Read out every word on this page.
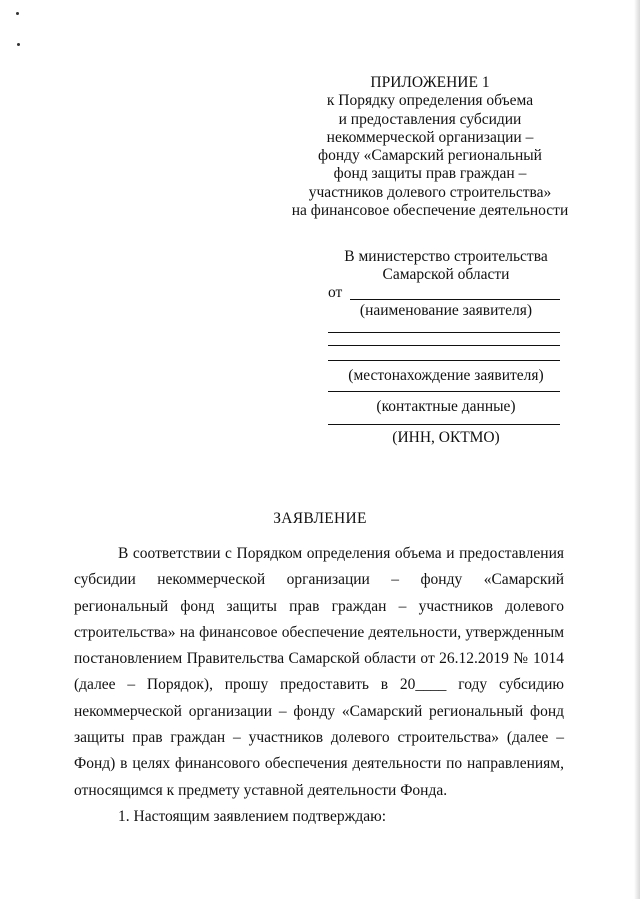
ПРИЛОЖЕНИЕ 1
к Порядку определения объема
и предоставления субсидии
некоммерческой организации –
фонду «Самарский региональный
фонд защиты прав граждан –
участников долевого строительства»
на финансовое обеспечение деятельности
В министерство строительства
Самарской области
от
(наименование заявителя)
(местонахождение заявителя)
(контактные данные)
(ИНН, ОКТМО)
ЗАЯВЛЕНИЕ

В соответствии с Порядком определения объема и предоставления субсидии некоммерческой организации – фонду «Самарский региональный фонд защиты прав граждан – участников долевого строительства» на финансовое обеспечение деятельности, утвержденным постановлением Правительства Самарской области от 26.12.2019 № 1014 (далее – Порядок), прошу предоставить в 20____ году субсидию некоммерческой организации – фонду «Самарский региональный фонд защиты прав граждан – участников долевого строительства» (далее – Фонд) в целях финансового обеспечения деятельности по направлениям, относящимся к предмету уставной деятельности Фонда.

1. Настоящим заявлением подтверждаю:
